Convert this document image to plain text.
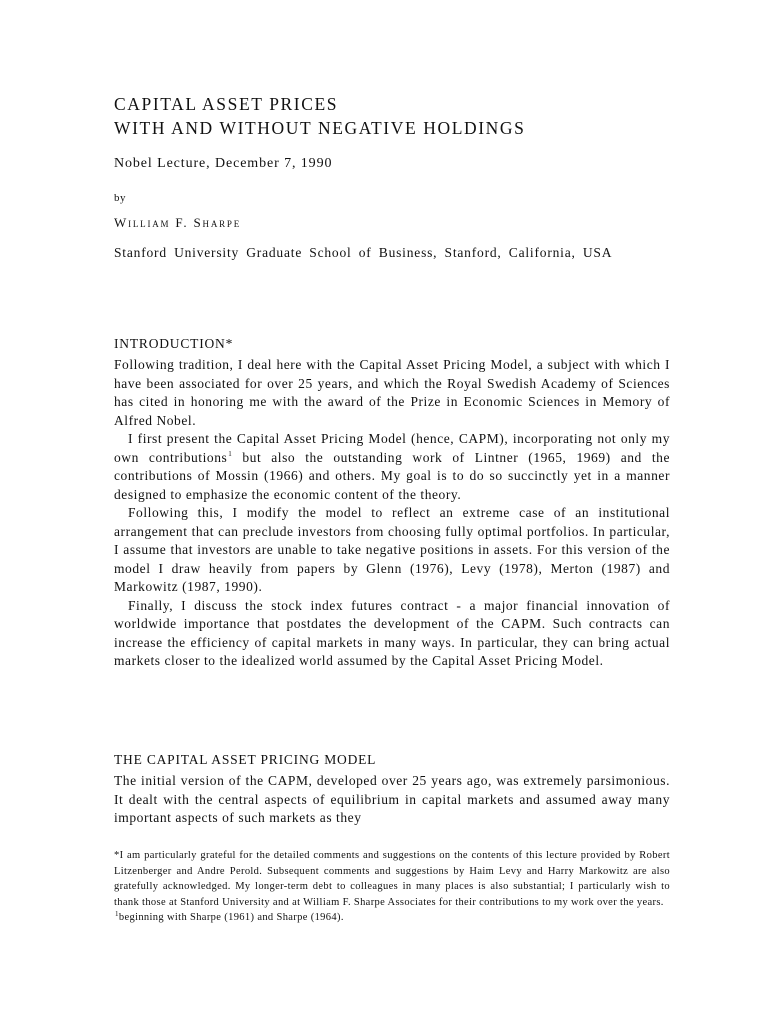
CAPITAL ASSET PRICES
WITH AND WITHOUT NEGATIVE HOLDINGS
Nobel Lecture, December 7, 1990
by
William F. Sharpe
Stanford University Graduate School of Business, Stanford, California, USA
INTRODUCTION*

Following tradition, I deal here with the Capital Asset Pricing Model, a subject with which I have been associated for over 25 years, and which the Royal Swedish Academy of Sciences has cited in honoring me with the award of the Prize in Economic Sciences in Memory of Alfred Nobel.

I first present the Capital Asset Pricing Model (hence, CAPM), incorporating not only my own contributions$^1$ but also the outstanding work of Lintner (1965, 1969) and the contributions of Mossin (1966) and others. My goal is to do so succinctly yet in a manner designed to emphasize the economic content of the theory.

Following this, I modify the model to reflect an extreme case of an institutional arrangement that can preclude investors from choosing fully optimal portfolios. In particular, I assume that investors are unable to take negative positions in assets. For this version of the model I draw heavily from papers by Glenn (1976), Levy (1978), Merton (1987) and Markowitz (1987, 1990).

Finally, I discuss the stock index futures contract - a major financial innovation of worldwide importance that postdates the development of the CAPM. Such contracts can increase the efficiency of capital markets in many ways. In particular, they can bring actual markets closer to the idealized world assumed by the Capital Asset Pricing Model.

THE CAPITAL ASSET PRICING MODEL

The initial version of the CAPM, developed over 25 years ago, was extremely parsimonious. It dealt with the central aspects of equilibrium in capital markets and assumed away many important aspects of such markets as they

*I am particularly grateful for the detailed comments and suggestions on the contents of this lecture provided by Robert Litzenberger and Andre Perold. Subsequent comments and suggestions by Haim Levy and Harry Markowitz are also gratefully acknowledged. My longer-term debt to colleagues in many places is also substantial; I particularly wish to thank those at Stanford University and at William F. Sharpe Associates for their contributions to my work over the years.

$^1$beginning with Sharpe (1961) and Sharpe (1964).
